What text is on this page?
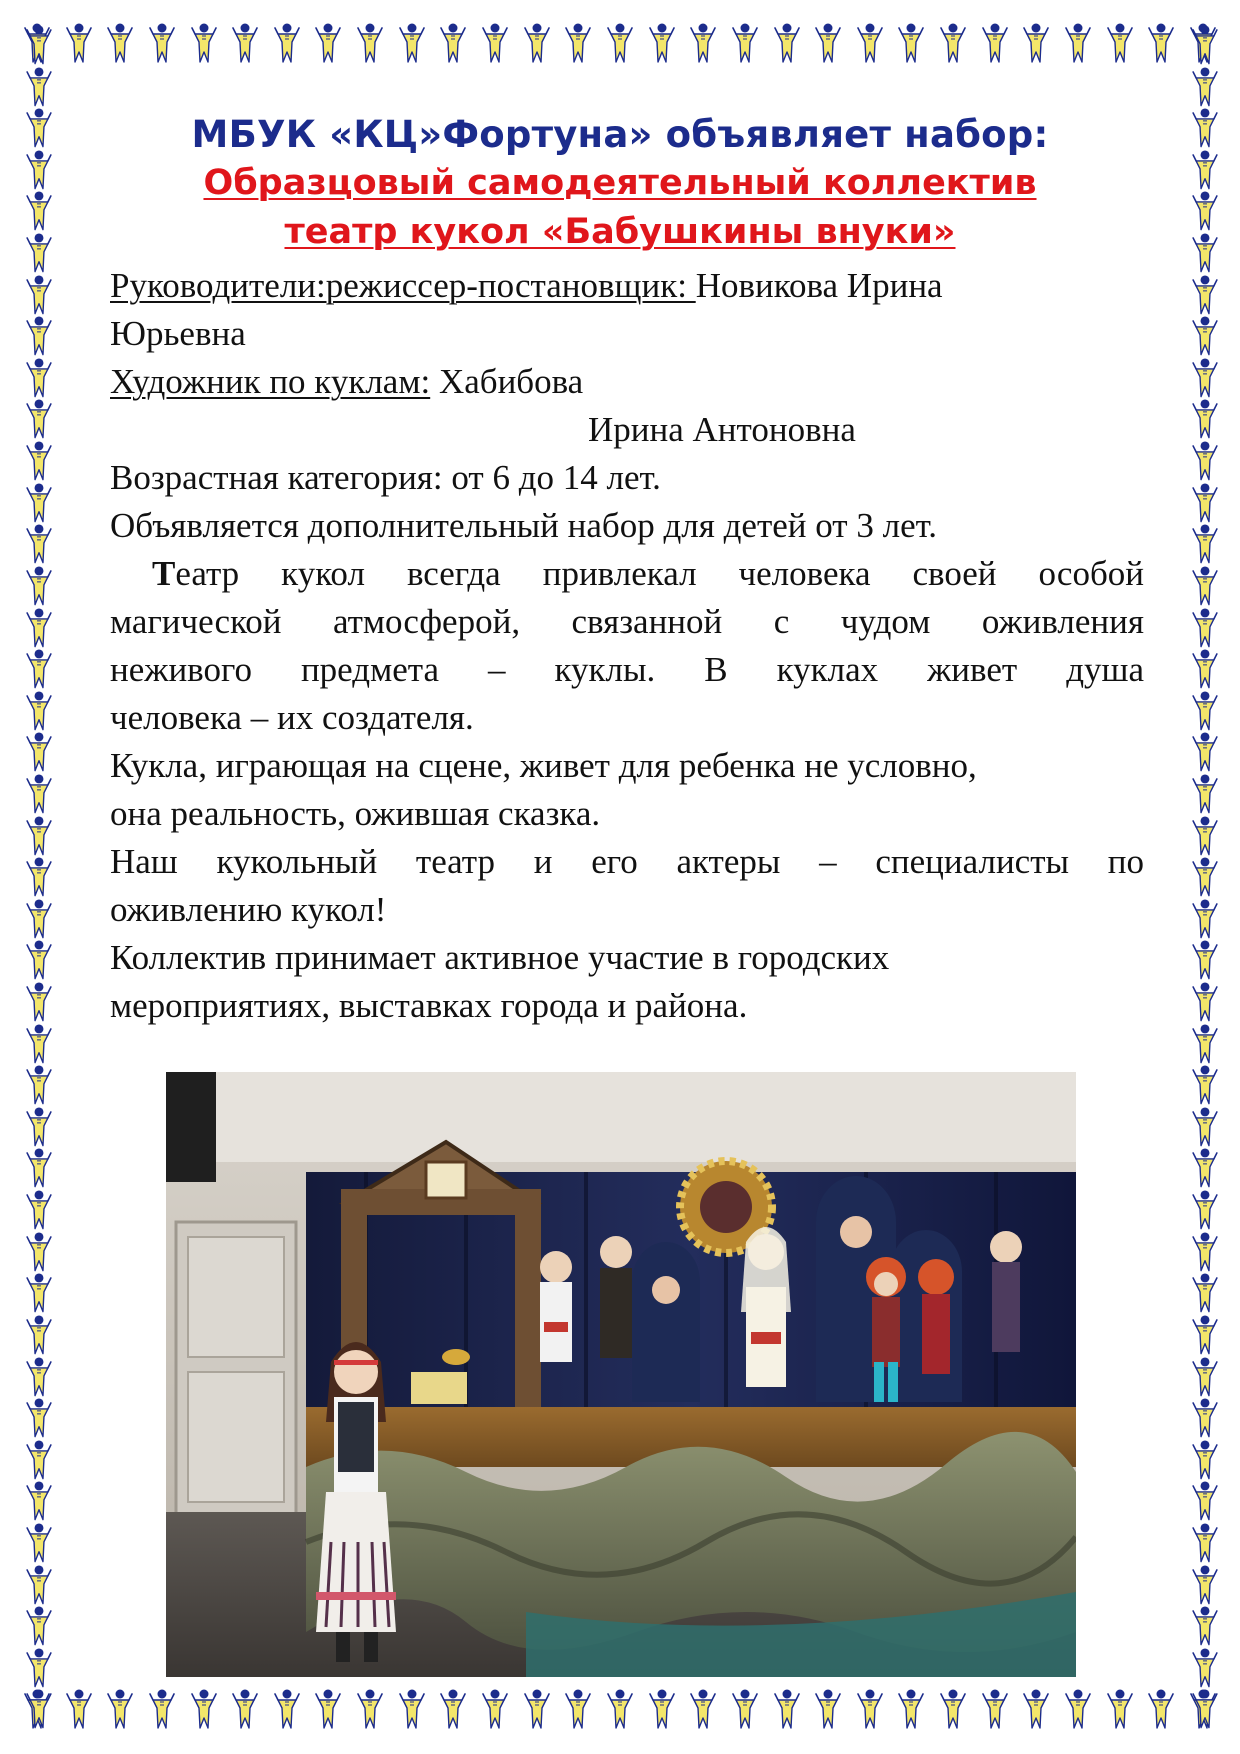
МБУК «КЦ»Фортуна» объявляет набор:
Образцовый самодеятельный коллектив
театр кукол «Бабушкины внуки»
Руководители:режиссер-постановщик: Новикова Ирина
Юрьевна
Художник по куклам: Хабибова
Ирина Антоновна
Возрастная категория: от 6 до 14 лет.
Объявляется дополнительный набор для детей от 3 лет.
Театр кукол всегда привлекал человека своей особой
магической атмосферой, связанной с чудом оживления
неживого предмета – куклы. В куклах живет душа
человека – их создателя.
Кукла, играющая на сцене, живет для ребенка не условно,
она реальность, ожившая сказка.
Наш кукольный театр и его актеры – специалисты по
оживлению кукол!
Коллектив принимает активное участие в городских
мероприятиях, выставках города и района.
